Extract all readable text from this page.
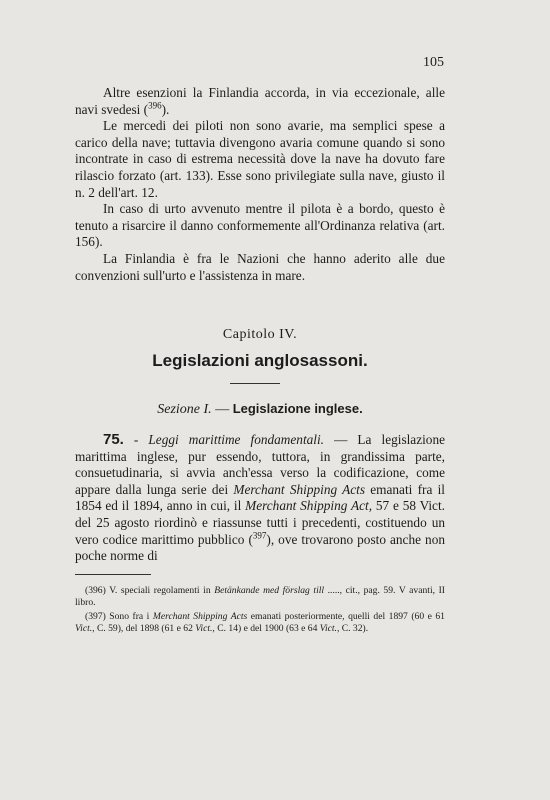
105

Altre esenzioni la Finlandia accorda, in via eccezionale, alle navi svedesi ($^{396}$).

Le mercedi dei piloti non sono avarie, ma semplici spese a carico della nave; tuttavia divengono avaria comune quando si sono incontrate in caso di estrema necessità dove la nave ha dovuto fare rilascio forzato (art. 133). Esse sono privilegiate sulla nave, giusto il n. 2 dell'art. 12.

In caso di urto avvenuto mentre il pilota è a bordo, questo è tenuto a risarcire il danno conformemente all'Ordinanza relativa (art. 156).

La Finlandia è fra le Nazioni che hanno aderito alle due convenzioni sull'urto e l'assistenza in mare.

Capitolo IV.
Legislazioni anglosassoni.
Sezione I. — Legislazione inglese.

75. - Leggi marittime fondamentali. — La legislazione marittima inglese, pur essendo, tuttora, in grandissima parte, consuetudinaria, si avvia anch'essa verso la codificazione, come appare dalla lunga serie dei Merchant Shipping Acts emanati fra il 1854 ed il 1894, anno in cui, il Merchant Shipping Act, 57 e 58 Vict. del 25 agosto riordinò e riassunse tutti i precedenti, costituendo un vero codice marittimo pubblico ($^{397}$), ove trovarono posto anche non poche norme di

(396) V. speciali regolamenti in Betänkande med förslag till ....., cit., pag. 59. V avanti, II libro.

(397) Sono fra i Merchant Shipping Acts emanati posteriormente, quelli del 1897 (60 e 61 Vict., C. 59), del 1898 (61 e 62 Vict., C. 14) e del 1900 (63 e 64 Vict., C. 32).
